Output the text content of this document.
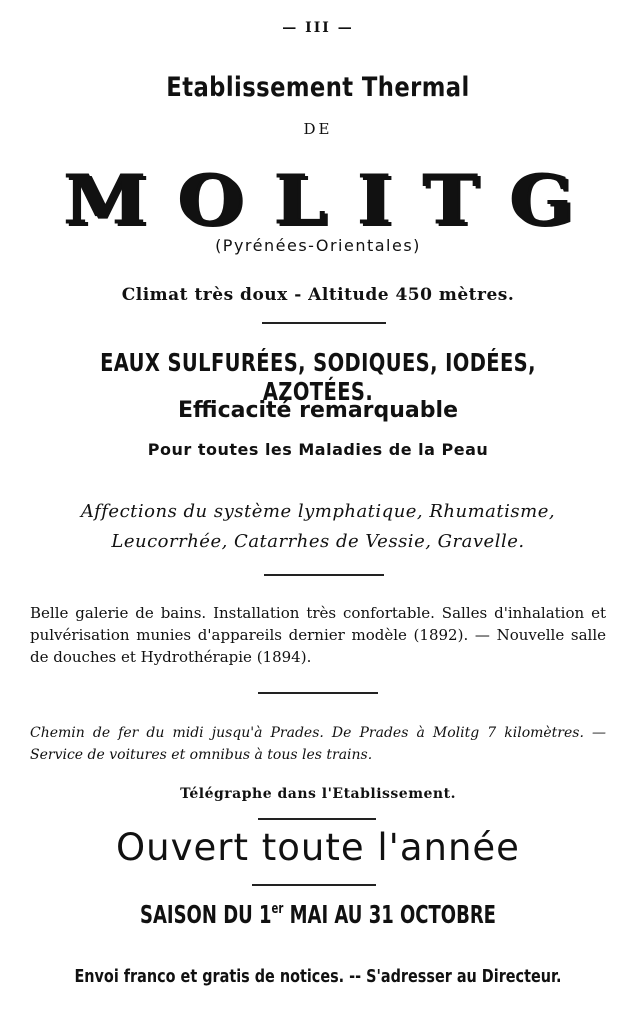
— III —
Etablissement Thermal
DE
MOLITG
(Pyrénées-Orientales)
Climat très doux - Altitude 450 mètres.
EAUX SULFURÉES, SODIQUES, IODÉES, AZOTÉES.
Efficacité remarquable
Pour toutes les Maladies de la Peau
Affections du système lymphatique, Rhumatisme,
Leucorrhée, Catarrhes de Vessie, Gravelle.
Belle galerie de bains. Installation très confortable. Salles d'inhalation et pulvérisation munies d'appareils dernier modèle (1892). — Nouvelle salle de douches et Hydrothérapie (1894).
Chemin de fer du midi jusqu'à Prades. De Prades à Molitg 7 kilomètres. — Service de voitures et omnibus à tous les trains.
Télégraphe dans l'Etablissement.
Ouvert toute l'année
SAISON DU 1er MAI AU 31 OCTOBRE
Envoi franco et gratis de notices. -- S'adresser au Directeur.
